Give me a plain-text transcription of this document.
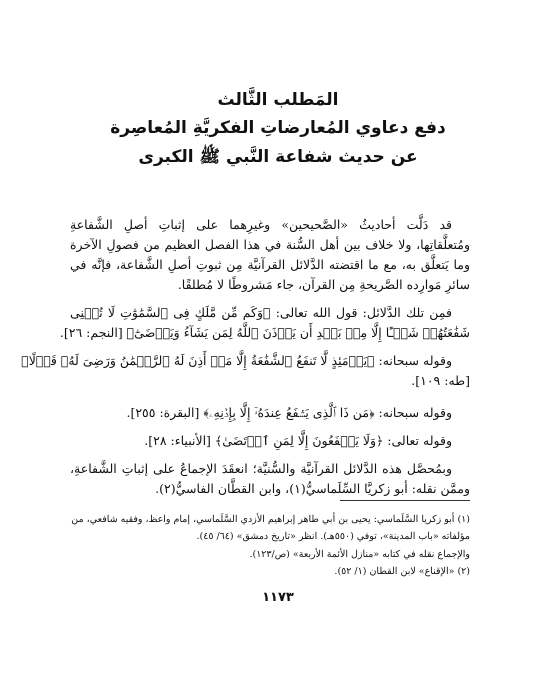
المَطلب الثَّالث
دفع دعاوي المُعارضاتِ الفكريَّةِ المُعاصِرة
عن حديث شفاعة النَّبي ﷺ الكبرى
قد دَلَّت أحاديثُ «الصَّحيحين» وغيرِهما على إثباتِ أصلِ الشَّفاعةِ
ومُتعلَّقاتِها، ولا خلاف بين أهل السُّنة في هذا الفصل العظيم من فصولِ الآخرة
وما يَتعلَّق به، مع ما اقتضته الدَّلائل القرآنيَّة مِن ثبوتِ أصلِ الشَّفاعة، فإنَّه في
سائرِ مَوارِده الصَّريحةِ مِن القرآن، جاء مَشروطًا لا مُطلقًا.
فمِن تلك الدَّلائل: قول الله تعالى: ﴿وَكَم مِّن مَّلَكٍ فِى ٱلسَّمَٰوَٰتِ لَا تُغۡنِى
شَفَٰعَتُهُمۡ شَيۡـًٔا إِلَّا مِنۢ بَعۡدِ أَن يَأۡذَنَ ٱللَّهُ لِمَن يَشَآءُ وَيَرۡضَىٰٓ﴾ [النجم: ٢٦].
وقوله سبحانه: ﴿يَوۡمَئِذٍ لَّا تَنفَعُ ٱلشَّفَٰعَةُ إِلَّا مَنۡ أَذِنَ لَهُ ٱلرَّحۡمَٰنُ وَرَضِىَ لَهُۥ قَوۡلًا﴾
[طه: ١٠٩].
وقوله سبحانه: ﴿مَن ذَا ٱلَّذِى يَشۡفَعُ عِندَهُۥٓ إِلَّا بِإِذۡنِهِۦ﴾ [البقرة: ٢٥٥].
وقوله تعالى: ﴿وَلَا يَشۡفَعُونَ إِلَّا لِمَنِ ٱرۡتَضَىٰ﴾ [الأنبياء: ٢٨].
وبمُحصَّل هذه الدَّلائل القرآنيَّة والسُّنيَّة؛ انعقَدَ الإجماعُ على إثباتِ الشَّفاعةِ،
وممَّن نقله: أبو زكريَّا السِّلَماسيُّ(١)، وابن القطَّان الفاسيُّ(٢).
(١) أبو زكريا السَّلَماسي: يحيى بن أبي طاهر إبراهيم الأزدي السَّلَماسي، إمام واعظ، وفقيه شافعي، من
مؤلفاته «باب المدينة»، توفي (٥٥٠هـ). انظر «تاريخ دمشق» (٦٤/ ٤٥).
والإجماع نقله في كتابه «منازل الأئمة الأربعة» (ص/١٢٣).
(٢) «الإقناع» لابن القطان (١/ ٥٢).
١١٧٣
